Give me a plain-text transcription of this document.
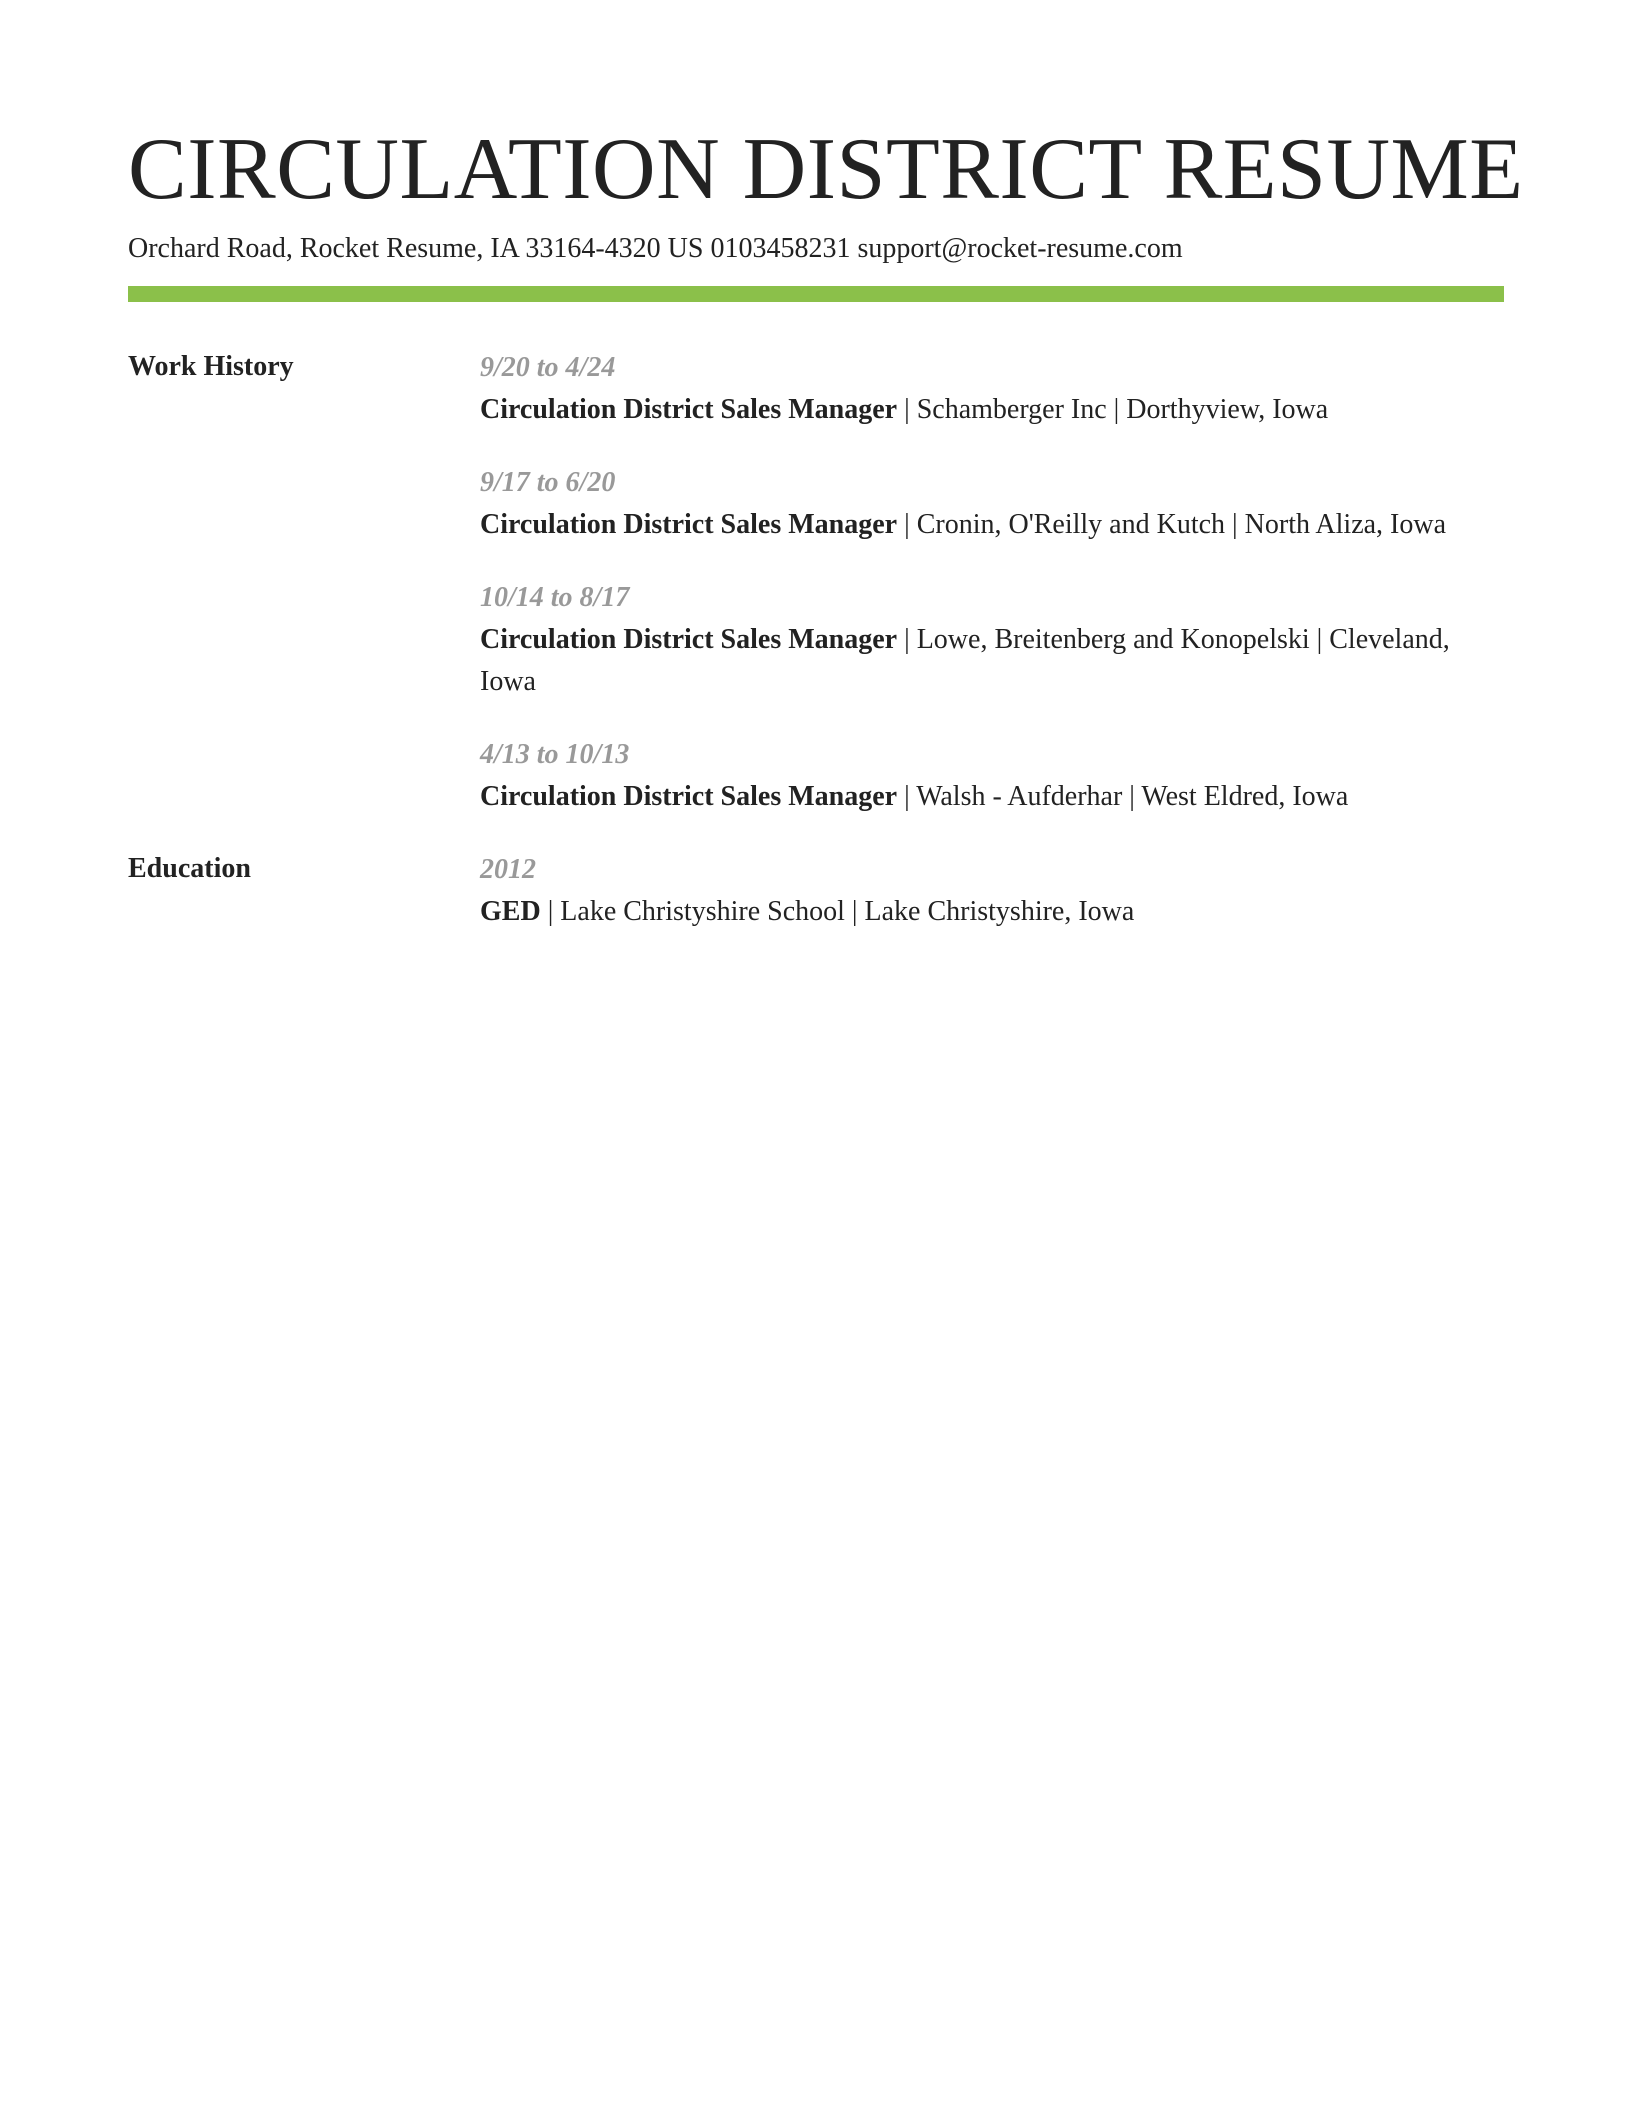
CIRCULATION DISTRICT RESUME
Orchard Road, Rocket Resume, IA 33164-4320 US 0103458231 support@rocket-resume.com
Work History	9/20 to 4/24
Circulation District Sales Manager | Schamberger Inc | Dorthyview, Iowa
9/17 to 6/20
Circulation District Sales Manager | Cronin, O'Reilly and Kutch | North Aliza, Iowa
10/14 to 8/17
Circulation District Sales Manager | Lowe, Breitenberg and Konopelski | Cleveland, Iowa
4/13 to 10/13
Circulation District Sales Manager | Walsh - Aufderhar | West Eldred, Iowa
Education	2012
GED | Lake Christyshire School | Lake Christyshire, Iowa
